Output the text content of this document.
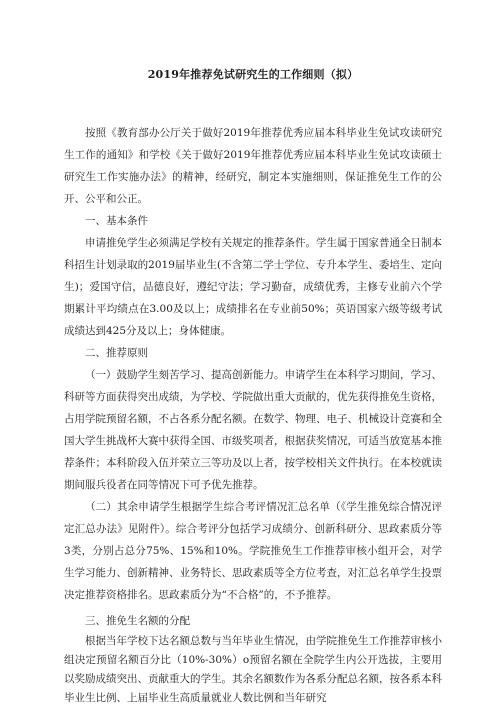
2019年推荐免试研究生的工作细则（拟）

按照《教育部办公厅关于做好2019年推荐优秀应届本科毕业生免试攻读研究生工作的通知》和学校《关于做好2019年推荐优秀应届本科毕业生免试攻读硕士研究生工作实施办法》的精神，经研究，制定本实施细则，保证推免生工作的公开、公平和公正。

一、基本条件

申请推免学生必须满足学校有关规定的推荐条件。学生属于国家普通全日制本科招生计划录取的2019届毕业生(不含第二学士学位、专升本学生、委培生、定向生)；爱国守信，品德良好，遵纪守法；学习勤奋，成绩优秀，主修专业前六个学期累计平均绩点在3.00及以上；成绩排名在专业前50%；英语国家六级等级考试成绩达到425分及以上；身体健康。

二、推荐原则

（一）鼓励学生刻苦学习、提高创新能力。申请学生在本科学习期间，学习、科研等方面获得突出成绩，为学校、学院做出重大贡献的，优先获得推免生资格，占用学院预留名额，不占各系分配名额。在数学、物理、电子、机械设计竞赛和全国大学生挑战杯大赛中获得全国、市级奖项者，根据获奖情况，可适当放宽基本推荐条件；本科阶段入伍并荣立三等功及以上者，按学校相关文件执行。在本校就读期间服兵役者在同等情况下可予优先推荐。

（二）其余申请学生根据学生综合考评情况汇总名单（《学生推免综合情况评定汇总办法》见附件）。综合考评分包括学习成绩分、创新科研分、思政素质分等3类，分别占总分75%、15%和10%。学院推免生工作推荐审核小组开会，对学生学习能力、创新精神、业务特长、思政素质等全方位考查，对汇总名单学生投票决定推荐资格排名。思政素质分为“不合格”的，不予推荐。

三、推免生名额的分配

根据当年学校下达名额总数与当年毕业生情况，由学院推免生工作推荐审核小组决定预留名额百分比（10%-30%）o预留名额在全院学生内公开选拔，主要用以奖励成绩突出、贡献重大的学生。其余名额数作为各系分配总名额，按各系本科毕业生比例、上届毕业生高质量就业人数比例和当年研究
